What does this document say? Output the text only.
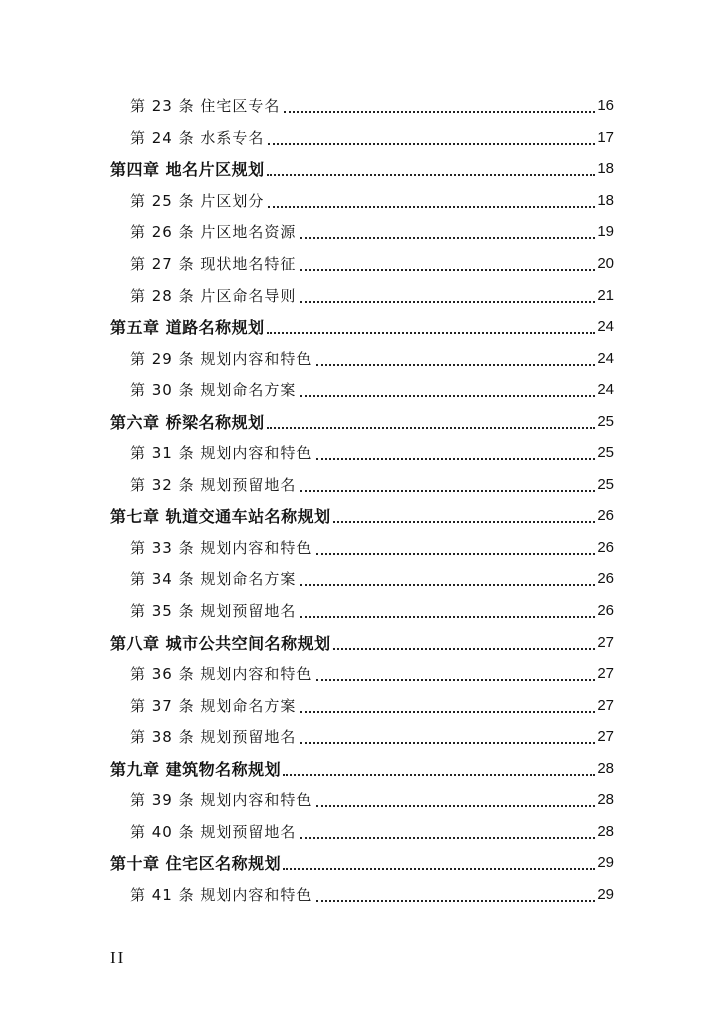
第 23 条 住宅区专名	16
第 24 条 水系专名	17
第四章 地名片区规划	18
第 25 条 片区划分	18
第 26 条 片区地名资源	19
第 27 条 现状地名特征	20
第 28 条 片区命名导则	21
第五章 道路名称规划	24
第 29 条 规划内容和特色	24
第 30 条 规划命名方案	24
第六章 桥梁名称规划	25
第 31 条 规划内容和特色	25
第 32 条 规划预留地名	25
第七章 轨道交通车站名称规划	26
第 33 条 规划内容和特色	26
第 34 条 规划命名方案	26
第 35 条 规划预留地名	26
第八章 城市公共空间名称规划	27
第 36 条 规划内容和特色	27
第 37 条 规划命名方案	27
第 38 条 规划预留地名	27
第九章 建筑物名称规划	28
第 39 条 规划内容和特色	28
第 40 条 规划预留地名	28
第十章 住宅区名称规划	29
第 41 条 规划内容和特色	29
II
